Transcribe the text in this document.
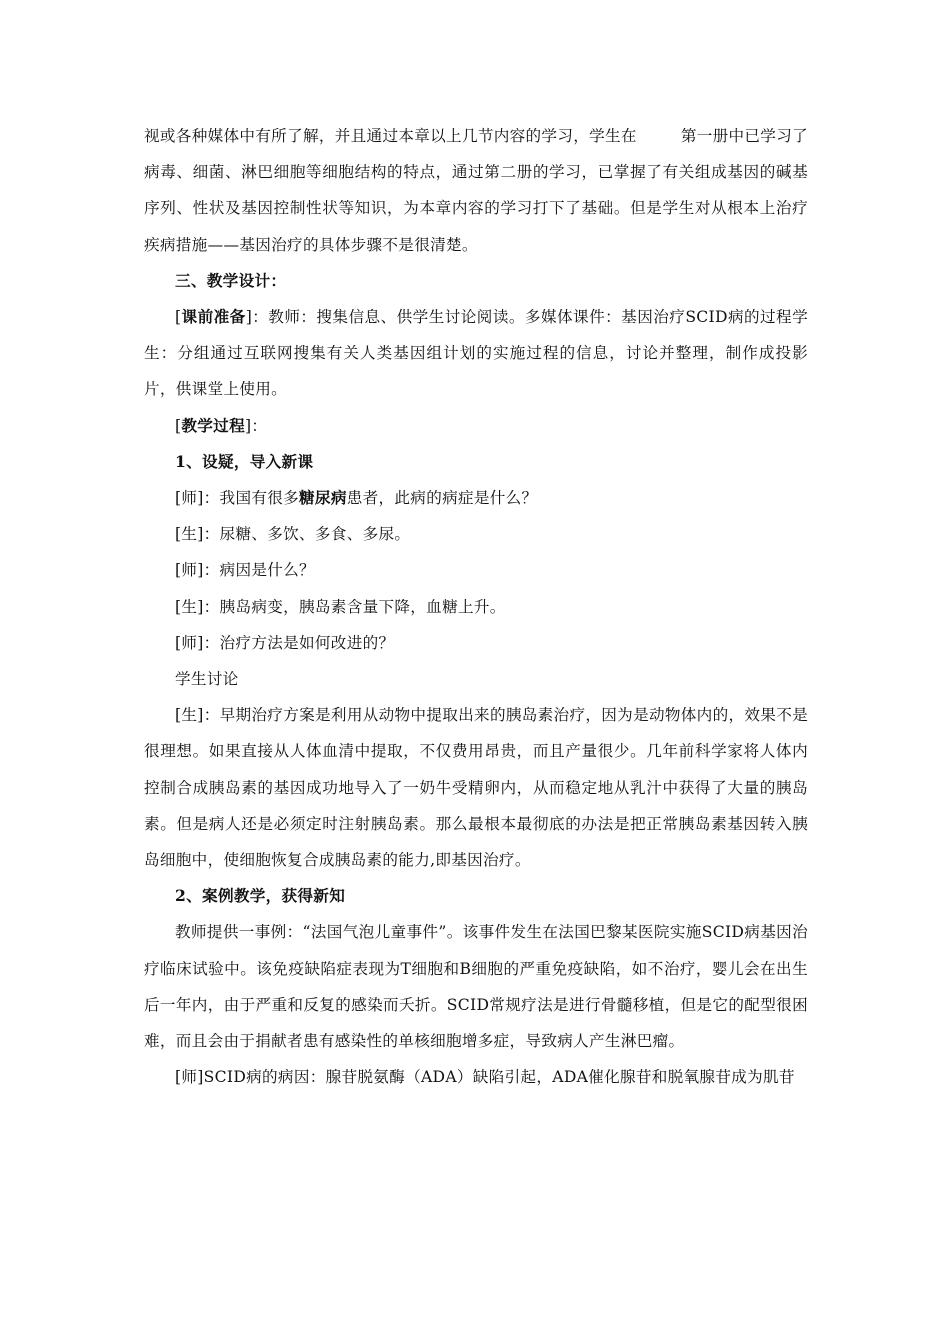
视或各种媒体中有所了解，并且通过本章以上几节内容的学习，学生在	第一册中已学习了病毒、细菌、淋巴细胞等细胞结构的特点，通过第二册的学习，已掌握了有关组成基因的碱基序列、性状及基因控制性状等知识，为本章内容的学习打下了基础。但是学生对从根本上治疗疾病措施——基因治疗的具体步骤不是很清楚。

三、教学设计：

[课前准备]：教师：搜集信息、供学生讨论阅读。多媒体课件：基因治疗SCID病的过程学生：分组通过互联网搜集有关人类基因组计划的实施过程的信息，讨论并整理，制作成投影片，供课堂上使用。

[教学过程]：

1、设疑，导入新课

[师]：我国有很多糖尿病患者，此病的病症是什么？

[生]：尿糖、多饮、多食、多尿。

[师]：病因是什么？

[生]：胰岛病变，胰岛素含量下降，血糖上升。

[师]：治疗方法是如何改进的？

学生讨论

[生]：早期治疗方案是利用从动物中提取出来的胰岛素治疗，因为是动物体内的，效果不是很理想。如果直接从人体血清中提取，不仅费用昂贵，而且产量很少。几年前科学家将人体内控制合成胰岛素的基因成功地导入了一奶牛受精卵内，从而稳定地从乳汁中获得了大量的胰岛素。但是病人还是必须定时注射胰岛素。那么最根本最彻底的办法是把正常胰岛素基因转入胰岛细胞中，使细胞恢复合成胰岛素的能力,即基因治疗。

2、案例教学，获得新知

教师提供一事例：“法国气泡儿童事件”。该事件发生在法国巴黎某医院实施SCID病基因治疗临床试验中。该免疫缺陷症表现为T细胞和B细胞的严重免疫缺陷，如不治疗，婴儿会在出生后一年内，由于严重和反复的感染而夭折。SCID常规疗法是进行骨髓移植，但是它的配型很困难，而且会由于捐献者患有感染性的单核细胞增多症，导致病人产生淋巴瘤。

[师]SCID病的病因：腺苷脱氨酶（ADA）缺陷引起，ADA催化腺苷和脱氧腺苷成为肌苷
